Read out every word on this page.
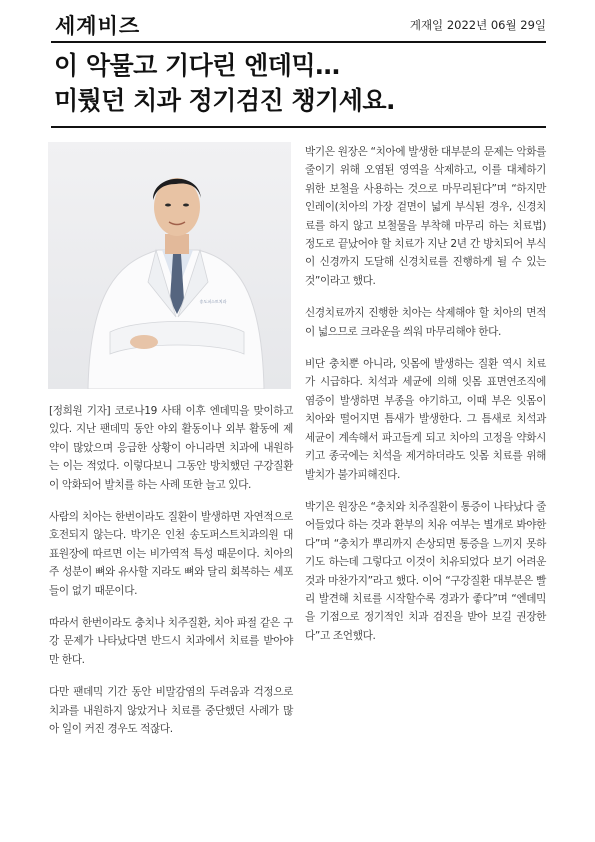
세계비즈	게재일 2022년 06월 29일
이 악물고 기다린 엔데믹…
미뤘던 치과 정기검진 챙기세요.
송도퍼스트치과

[정희원 기자] 코로나19 사태 이후 엔데믹을 맞이하고 있다. 지난 팬데믹 동안 야외 활동이나 외부 활동에 제약이 많았으며 응급한 상황이 아니라면 치과에 내원하는 이는 적었다. 이렇다보니 그동안 방치했던 구강질환이 악화되어 발치를 하는 사례 또한 늘고 있다.

사람의 치아는 한번이라도 질환이 발생하면 자연적으로 호전되지 않는다. 박기은 인천 송도퍼스트치과의원 대표원장에 따르면 이는 비가역적 특성 때문이다. 치아의 주 성분이 뼈와 유사할 지라도 뼈와 달리 회복하는 세포들이 없기 때문이다.

따라서 한번이라도 충치나 치주질환, 치아 파절 같은 구강 문제가 나타났다면 반드시 치과에서 치료를 받아야만 한다.

다만 팬데믹 기간 동안 비말감염의 두려움과 걱정으로 치과를 내원하지 않았거나 치료를 중단했던 사례가 많아 일이 커진 경우도 적잖다.

박기은 원장은 “치아에 발생한 대부분의 문제는 악화를 줄이기 위해 오염된 영역을 삭제하고, 이를 대체하기 위한 보철을 사용하는 것으로 마무리된다”며 “하지만 인레이(치아의 가장 겉면이 넓게 부식된 경우, 신경치료를 하지 않고 보철물을 부착해 마무리 하는 치료법)정도로 끝났어야 할 치료가 지난 2년 간 방치되어 부식이 신경까지 도달해 신경치료를 진행하게 될 수 있는 것”이라고 했다.

신경치료까지 진행한 치아는 삭제해야 할 치아의 면적이 넓으므로 크라운을 씌워 마무리해야 한다.

비단 충치뿐 아니라, 잇몸에 발생하는 질환 역시 치료가 시급하다. 치석과 세균에 의해 잇몸 표면연조직에 염증이 발생하면 부종을 야기하고, 이때 부은 잇몸이 치아와 떨어지면 틈새가 발생한다. 그 틈새로 치석과 세균이 계속해서 파고들게 되고 치아의 고정을 약화시키고 종국에는 치석을 제거하더라도 잇몸 치료를 위해 발치가 불가피해진다.

박기은 원장은 “충치와 치주질환이 통증이 나타났다 줄어들었다 하는 것과 환부의 치유 여부는 별개로 봐야한다”며 “충치가 뿌리까지 손상되면 통증을 느끼지 못하기도 하는데 그렇다고 이것이 치유되었다 보기 어려운 것과 마찬가지”라고 했다. 이어 “구강질환 대부분은 빨리 발견해 치료를 시작할수록 경과가 좋다”며 “엔데믹을 기점으로 정기적인 치과 검진을 받아 보길 권장한다”고 조언했다.
